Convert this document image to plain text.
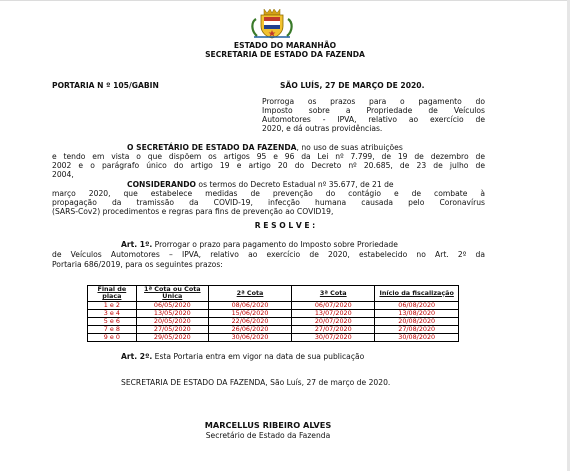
ESTADO DO MARANHÃO
SECRETARIA DE ESTADO DA FAZENDA
PORTARIA N º 105/GABIN	SÃO LUÍS, 27 DE MARÇO DE 2020.
Prorroga os prazos para o pagamento do
Imposto sobre a Propriedade de Veículos
Automotores - IPVA, relativo ao exercício de
2020, e dá outras providências.
O SECRETÁRIO DE ESTADO DA FAZENDA, no uso de suas atribuições
e tendo em vista o que dispõem os artigos 95 e 96 da Lei nº 7.799, de 19 de dezembro de
2002 e o parágrafo único do artigo 19 e artigo 20 do Decreto nº 20.685, de 23 de julho de
2004,
CONSIDERANDO os termos do Decreto Estadual nº 35.677, de 21 de
março 2020, que estabelece medidas de prevenção do contágio e de combate à
propagação da tramissão da COVID-19, infecção humana causada pelo Coronavírus
(SARS-Cov2) procedimentos e regras para fins de prevenção ao COVID19,
R E S O L V E :
Art. 1º. Prorrogar o prazo para pagamento do Imposto sobre Proriedade
de Veículos Automotores – IPVA, relativo ao exercício de 2020, estabelecido no Art. 2º da
Portaria 686/2019, para os seguintes prazos:
Final de placa	1ª Cota ou Cota Única	2ª Cota	3ª Cota	Início da fiscalização
1 e 2	06/05/2020	08/06/2020	06/07/2020	06/08/2020
3 e 4	13/05/2020	15/06/2020	13/07/2020	13/08/2020
5 e 6	20/05/2020	22/06/2020	20/07/2020	20/08/2020
7 e 8	27/05/2020	26/06/2020	27/07/2020	27/08/2020
9 e 0	29/05/2020	30/06/2020	30/07/2020	30/08/2020
Art. 2º. Esta Portaria entra em vigor na data de sua publicação
SECRETARIA DE ESTADO DA FAZENDA, São Luís, 27 de março de 2020.
MARCELLUS RIBEIRO ALVES
Secretário de Estado da Fazenda
